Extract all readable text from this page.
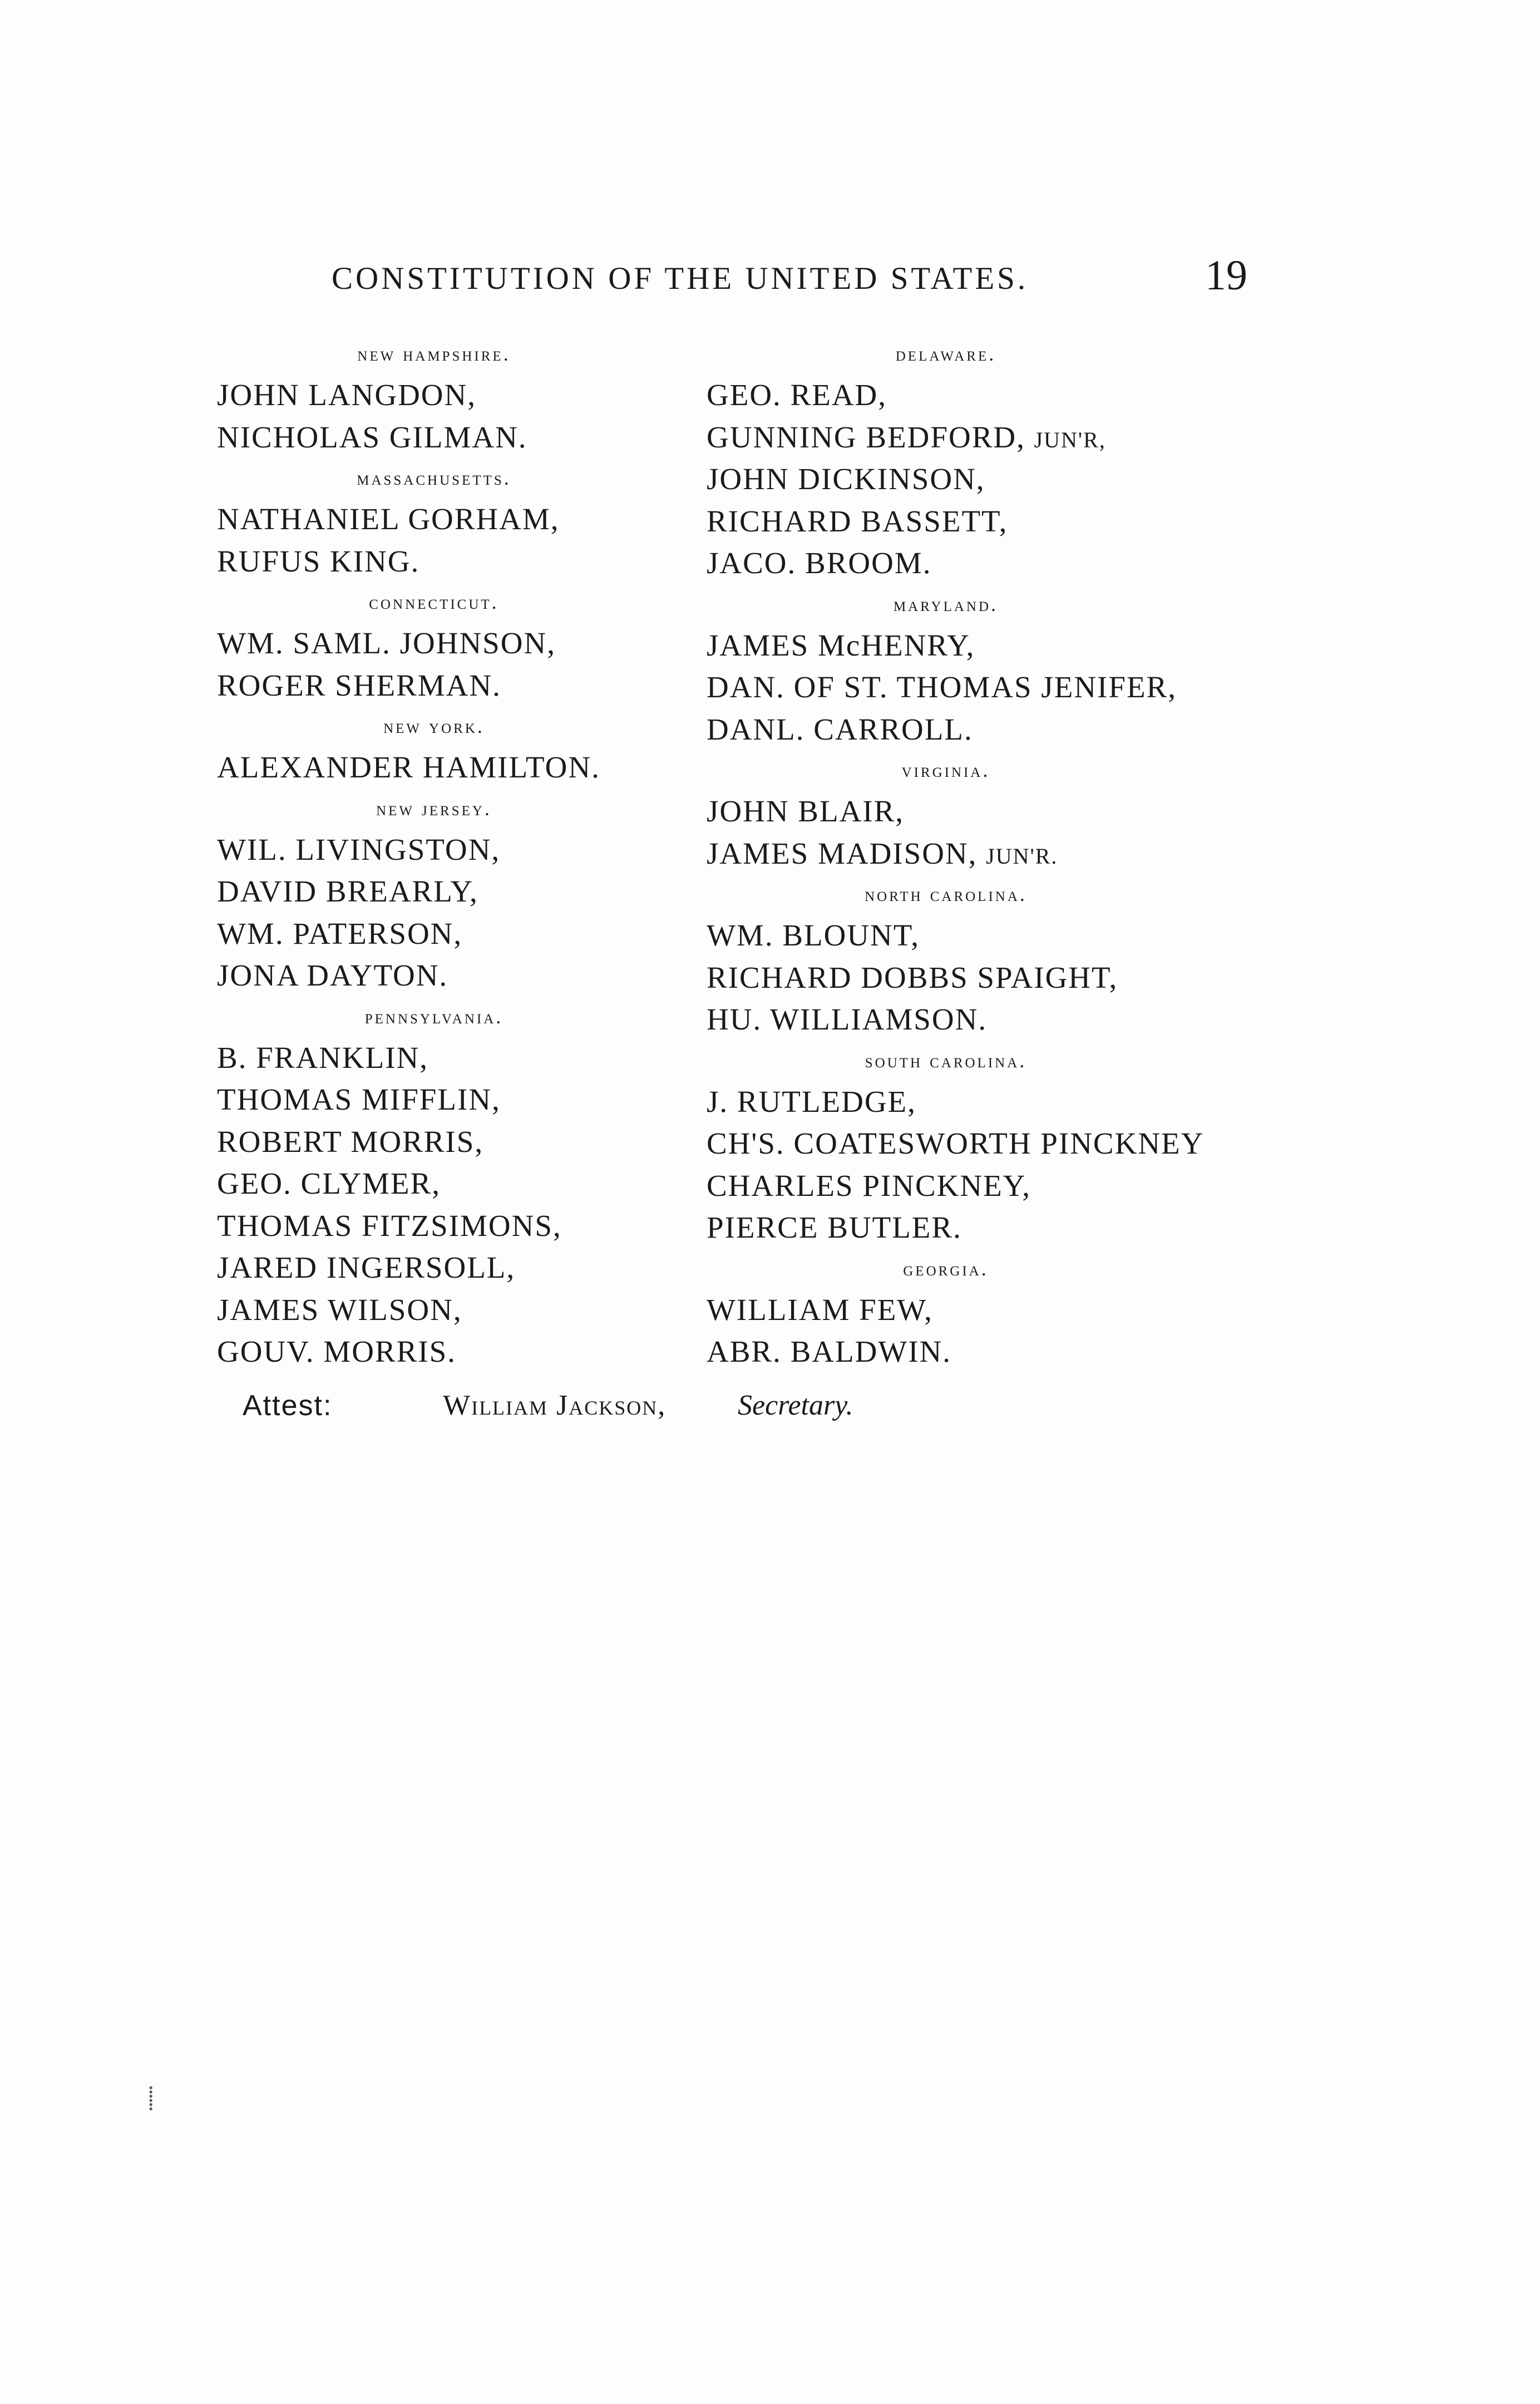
CONSTITUTION OF THE UNITED STATES.	19
new hampshire.
JOHN LANGDON,
NICHOLAS GILMAN.
massachusetts.
NATHANIEL GORHAM,
RUFUS KING.
connecticut.
WM. SAML. JOHNSON,
ROGER SHERMAN.
new york.
ALEXANDER HAMILTON.
new jersey.
WIL. LIVINGSTON,
DAVID BREARLY,
WM. PATERSON,
JONA DAYTON.
pennsylvania.
B. FRANKLIN,
THOMAS MIFFLIN,
ROBERT MORRIS,
GEO. CLYMER,
THOMAS FITZSIMONS,
JARED INGERSOLL,
JAMES WILSON,
GOUV. MORRIS.
delaware.
GEO. READ,
GUNNING BEDFORD, JUN'R,
JOHN DICKINSON,
RICHARD BASSETT,
JACO. BROOM.
maryland.
JAMES McHENRY,
DAN. OF ST. THOMAS JENIFER,
DANL. CARROLL.
virginia.
JOHN BLAIR,
JAMES MADISON, JUN'R.
north carolina.
WM. BLOUNT,
RICHARD DOBBS SPAIGHT,
HU. WILLIAMSON.
south carolina.
J. RUTLEDGE,
CH'S. COATESWORTH PINCKNEY
CHARLES PINCKNEY,
PIERCE BUTLER.
georgia.
WILLIAM FEW,
ABR. BALDWIN.
Attest:	William Jackson, Secretary.
⸽
